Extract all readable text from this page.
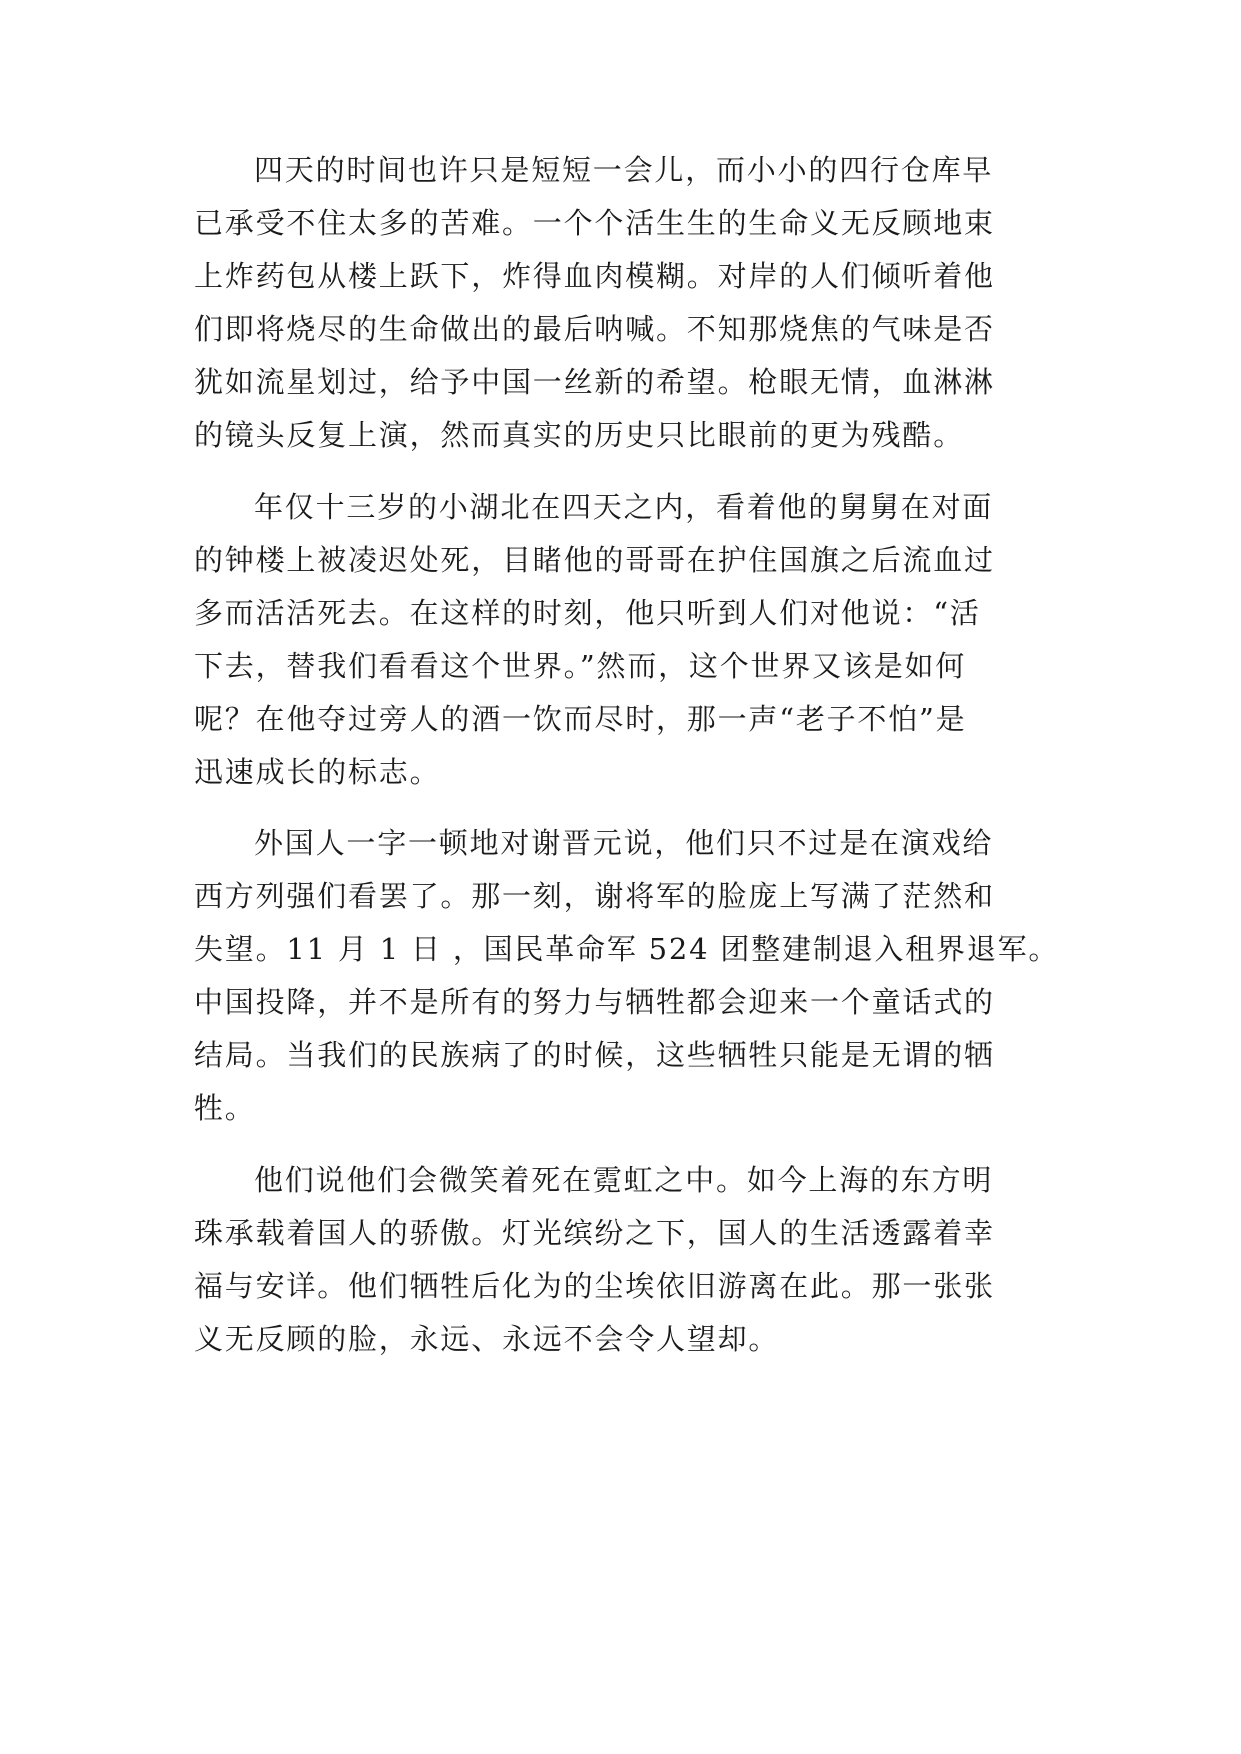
四天的时间也许只是短短一会儿，而小小的四行仓库早
已承受不住太多的苦难。一个个活生生的生命义无反顾地束
上炸药包从楼上跃下，炸得血肉模糊。对岸的人们倾听着他
们即将烧尽的生命做出的最后呐喊。不知那烧焦的气味是否
犹如流星划过，给予中国一丝新的希望。枪眼无情，血淋淋
的镜头反复上演，然而真实的历史只比眼前的更为残酷。
年仅十三岁的小湖北在四天之内，看着他的舅舅在对面
的钟楼上被凌迟处死，目睹他的哥哥在护住国旗之后流血过
多而活活死去。在这样的时刻，他只听到人们对他说：“活
下去，替我们看看这个世界。”然而，这个世界又该是如何
呢？在他夺过旁人的酒一饮而尽时，那一声“老子不怕”是
迅速成长的标志。
外国人一字一顿地对谢晋元说，他们只不过是在演戏给
西方列强们看罢了。那一刻，谢将军的脸庞上写满了茫然和
失望。11 月 1 日 ，国民革命军 524 团整建制退入租界退军。
中国投降，并不是所有的努力与牺牲都会迎来一个童话式的
结局。当我们的民族病了的时候，这些牺牲只能是无谓的牺
牲。
他们说他们会微笑着死在霓虹之中。如今上海的东方明
珠承载着国人的骄傲。灯光缤纷之下，国人的生活透露着幸
福与安详。他们牺牲后化为的尘埃依旧游离在此。那一张张
义无反顾的脸，永远、永远不会令人望却。
